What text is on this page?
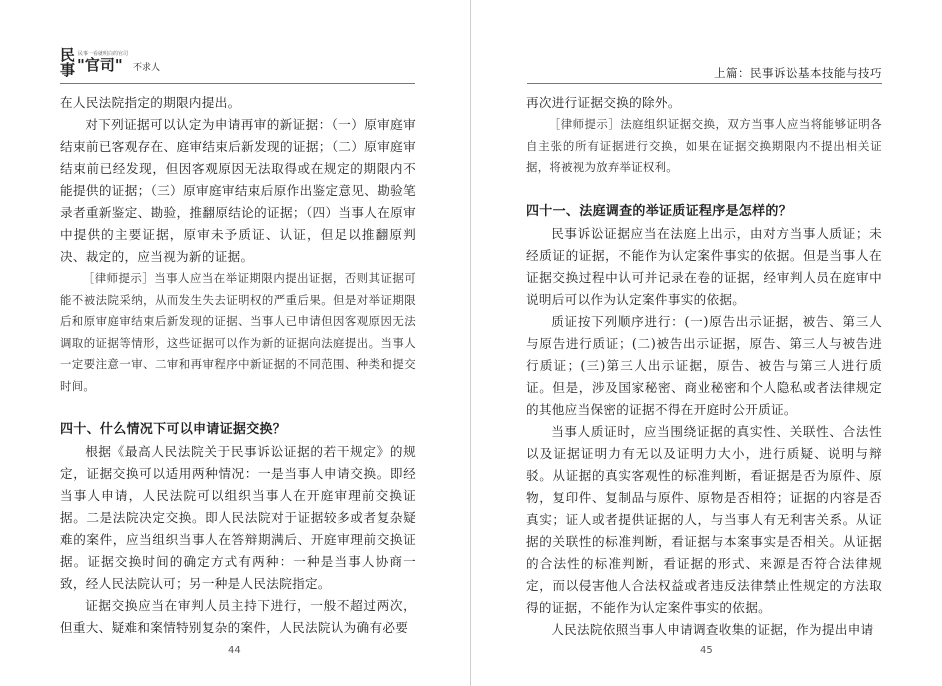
民
事
民事一看就明白的官司
"官司" 不求人

在人民法院指定的期限内提出。

对下列证据可以认定为申请再审的新证据：（一）原审庭审结束前已客观存在、庭审结束后新发现的证据；（二）原审庭审结束前已经发现，但因客观原因无法取得或在规定的期限内不能提供的证据；（三）原审庭审结束后原作出鉴定意见、勘验笔录者重新鉴定、勘验，推翻原结论的证据；（四）当事人在原审中提供的主要证据，原审未予质证、认证，但足以推翻原判决、裁定的，应当视为新的证据。

［律师提示］当事人应当在举证期限内提出证据，否则其证据可能不被法院采纳，从而发生失去证明权的严重后果。但是对举证期限后和原审庭审结束后新发现的证据、当事人已申请但因客观原因无法调取的证据等情形，这些证据可以作为新的证据向法庭提出。当事人一定要注意一审、二审和再审程序中新证据的不同范围、种类和提交时间。

四十、什么情况下可以申请证据交换？

根据《最高人民法院关于民事诉讼证据的若干规定》的规定，证据交换可以适用两种情况：一是当事人申请交换。即经当事人申请，人民法院可以组织当事人在开庭审理前交换证据。二是法院决定交换。即人民法院对于证据较多或者复杂疑难的案件，应当组织当事人在答辩期满后、开庭审理前交换证据。证据交换时间的确定方式有两种：一种是当事人协商一致，经人民法院认可；另一种是人民法院指定。

证据交换应当在审判人员主持下进行，一般不超过两次，但重大、疑难和案情特别复杂的案件，人民法院认为确有必要

44
上篇：民事诉讼基本技能与技巧

再次进行证据交换的除外。

［律师提示］法庭组织证据交换，双方当事人应当将能够证明各自主张的所有证据进行交换，如果在证据交换期限内不提出相关证据，将被视为放弃举证权利。

四十一、法庭调查的举证质证程序是怎样的？

民事诉讼证据应当在法庭上出示，由对方当事人质证；未经质证的证据，不能作为认定案件事实的依据。但是当事人在证据交换过程中认可并记录在卷的证据，经审判人员在庭审中说明后可以作为认定案件事实的依据。

质证按下列顺序进行：(一)原告出示证据，被告、第三人与原告进行质证；(二)被告出示证据，原告、第三人与被告进行质证；(三)第三人出示证据，原告、被告与第三人进行质证。但是，涉及国家秘密、商业秘密和个人隐私或者法律规定的其他应当保密的证据不得在开庭时公开质证。

当事人质证时，应当围绕证据的真实性、关联性、合法性以及证据证明力有无以及证明力大小，进行质疑、说明与辩驳。从证据的真实客观性的标准判断，看证据是否为原件、原物，复印件、复制品与原件、原物是否相符；证据的内容是否真实；证人或者提供证据的人，与当事人有无利害关系。从证据的关联性的标准判断，看证据与本案事实是否相关。从证据的合法性的标准判断，看证据的形式、来源是否符合法律规定，而以侵害他人合法权益或者违反法律禁止性规定的方法取得的证据，不能作为认定案件事实的依据。

人民法院依照当事人申请调查收集的证据，作为提出申请

45
